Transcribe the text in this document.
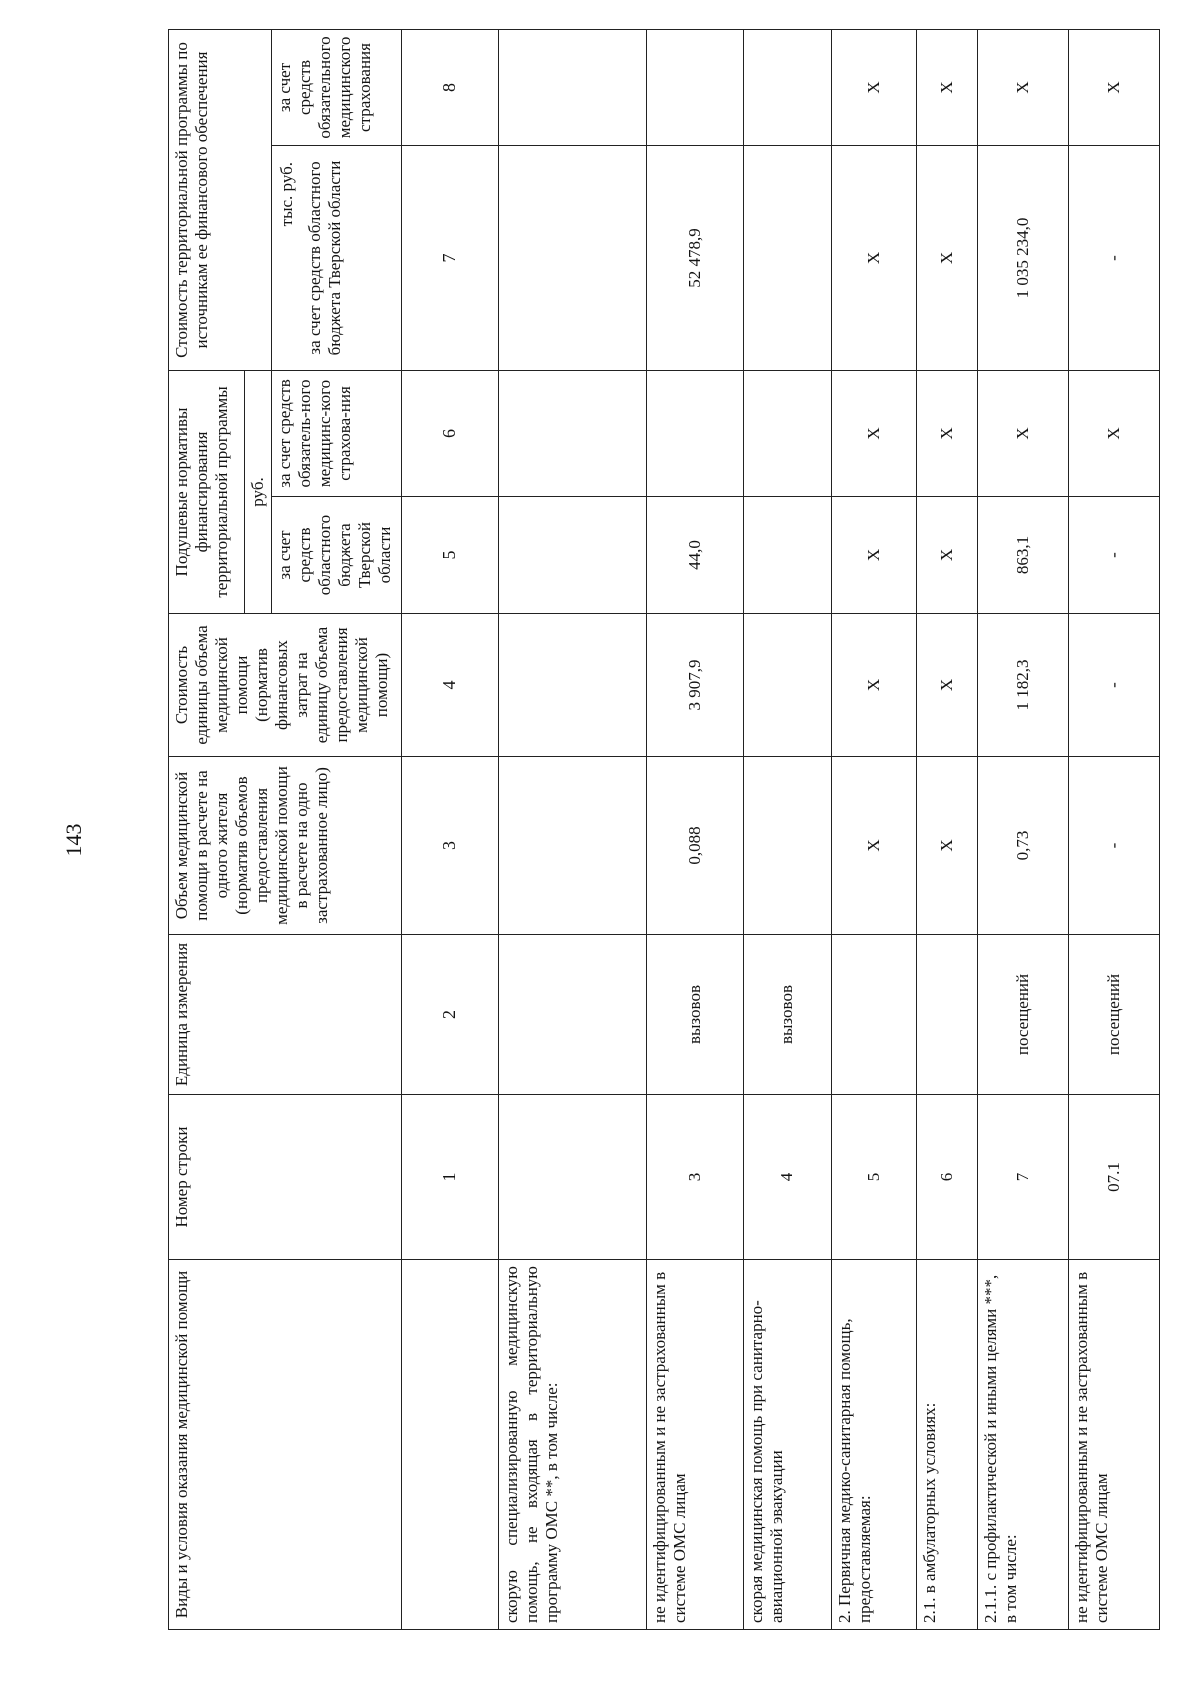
143
Виды и условия оказания медицинской помощи	Номер строки	Единица измерения	Объем медицинской помощи в расчете на одного жителя (норматив объемов предоставления медицинской помощи в расчете на одно застрахованное лицо)	Стоимость единицы объема медицинской помощи (норматив финансовых затрат на единицу объема предоставления медицинской помощи)	Подушевые нормативы финансирования территориальной программы		Стоимость территориальной программы по источникам ее финансового обеспечения	
					руб.				
					за счет средств областного бюджета Тверской области	за счет средств обязатель-ного медицинс-кого страхова-ния	тыс. руб. за счет средств областного бюджета Тверской области	за счет средств обязательного медицинского страхования	
	1	2	3	4	5	6	7	8	
скорую специализированную медицинскую помощь, не входящая в территориальную программу ОМС **, в том числе:									
не идентифицированным и не застрахованным в системе ОМС лицам	3	вызовов	0,088	3 907,9	44,0		52 478,9		
скорая медицинская помощь при санитарно-авиационной эвакуации	4	вызовов							
2. Первичная медико-санитарная помощь, предоставляемая:	5		X	X	X	X	X	X	
2.1. в амбулаторных условиях:	6		X	X	X	X	X	X	
2.1.1. с профилактической и иными целями ***, в том числе:	7	посещений	0,73	1 182,3	863,1	X	1 035 234,0	X	
не идентифицированным и не застрахованным в системе ОМС лицам	07.1	посещений	-	-	-	X	-	X	
